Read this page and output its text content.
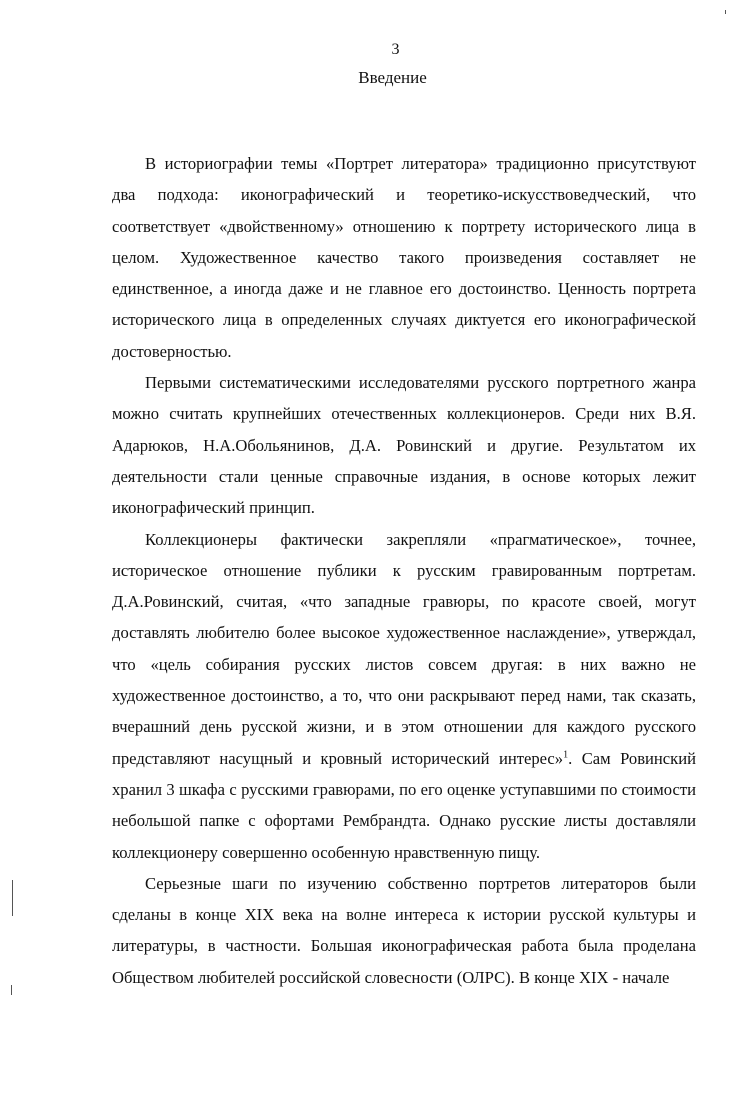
3
Введение

В историографии темы «Портрет литератора» традиционно присутствуют два подхода: иконографический и теоретико-искусствоведческий, что соответствует «двойственному» отношению к портрету исторического лица в целом. Художественное качество такого произведения составляет не единственное, а иногда даже и не главное его достоинство. Ценность портрета исторического лица в определенных случаях диктуется его иконографической достоверностью.

Первыми систематическими исследователями русского портретного жанра можно считать крупнейших отечественных коллекционеров. Среди них В.Я. Адарюков, Н.А.Обольянинов, Д.А. Ровинский и другие. Результатом их деятельности стали ценные справочные издания, в основе которых лежит иконографический принцип.

Коллекционеры фактически закрепляли «прагматическое», точнее, историческое отношение публики к русским гравированным портретам. Д.А.Ровинский, считая, «что западные гравюры, по красоте своей, могут доставлять любителю более высокое художественное наслаждение», утверждал, что «цель собирания русских листов совсем другая: в них важно не художественное достоинство, а то, что они раскрывают перед нами, так сказать, вчерашний день русской жизни, и в этом отношении для каждого русского представляют насущный и кровный исторический интерес»$^1$. Сам Ровинский хранил 3 шкафа с русскими гравюрами, по его оценке уступавшими по стоимости небольшой папке с офортами Рембрандта. Однако русские листы доставляли коллекционеру совершенно особенную нравственную пищу.

Серьезные шаги по изучению собственно портретов литераторов были сделаны в конце XIX века на волне интереса к истории русской культуры и литературы, в частности. Большая иконографическая работа была проделана Обществом любителей российской словесности (ОЛРС). В конце XIX - начале
